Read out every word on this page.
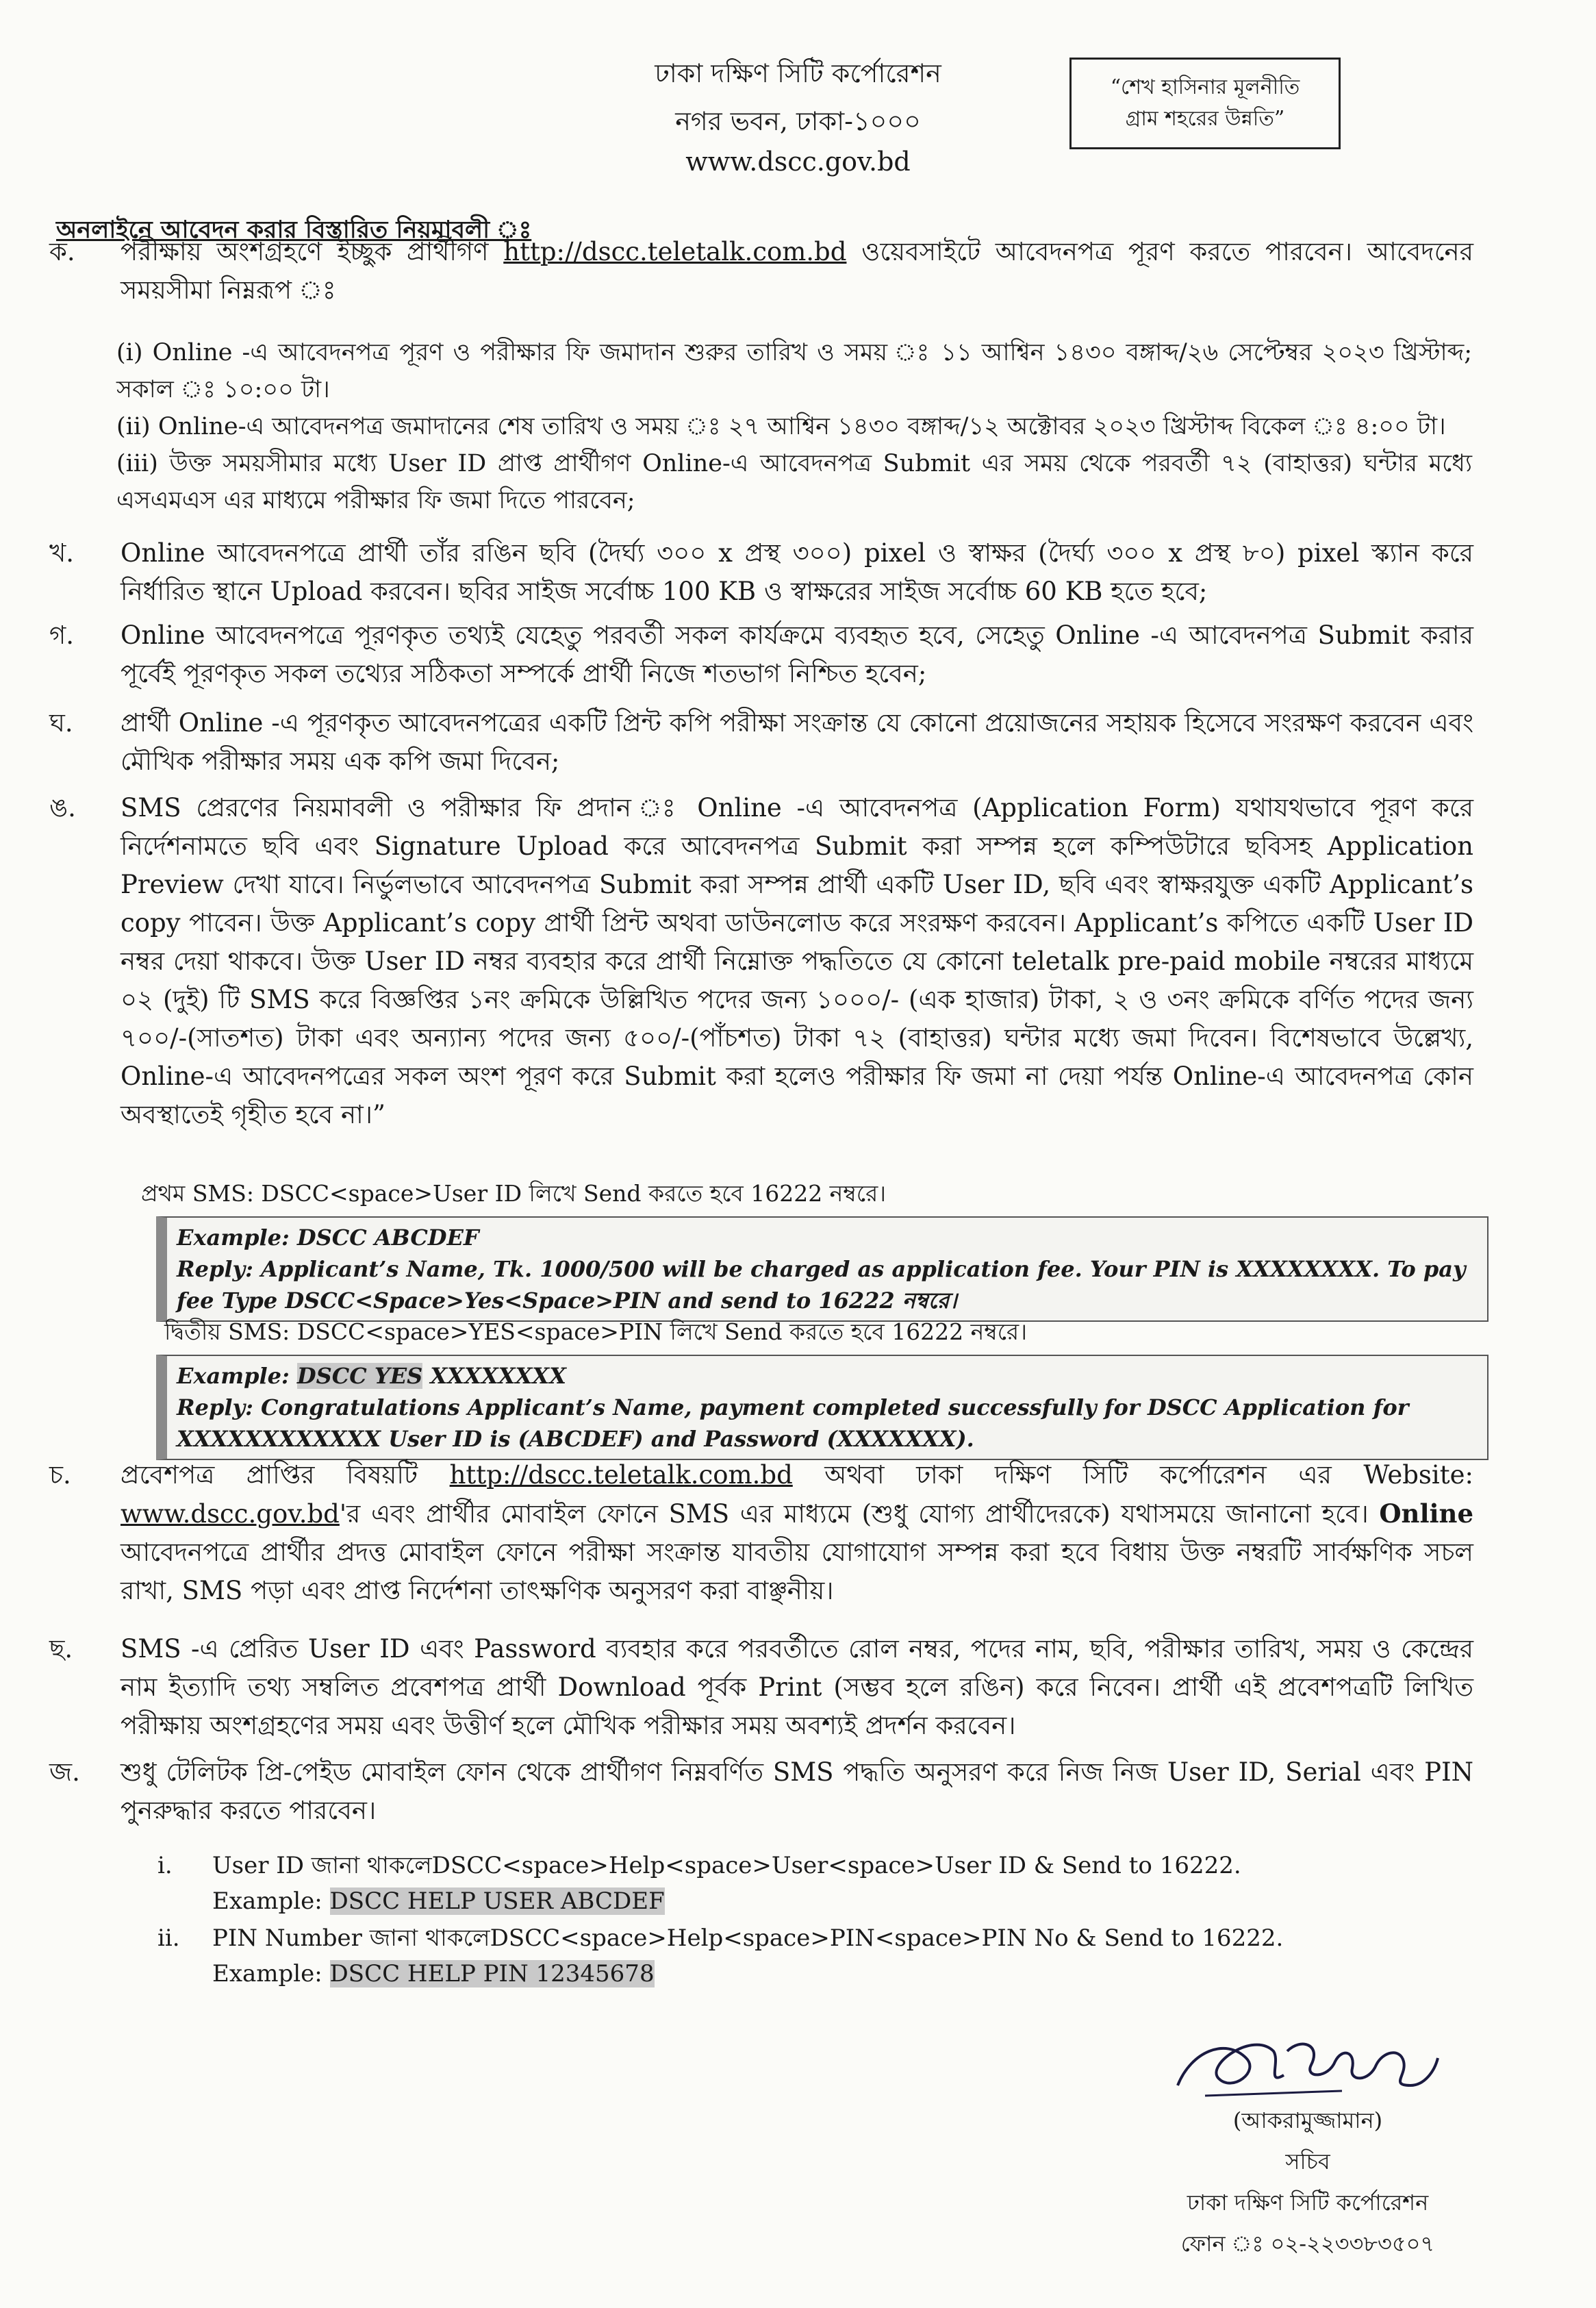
ঢাকা দক্ষিণ সিটি কর্পোরেশন
নগর ভবন, ঢাকা-১০০০
www.dscc.gov.bd
“শেখ হাসিনার মূলনীতি
গ্রাম শহরের উন্নতি”
অনলাইনে আবেদন করার বিস্তারিত নিয়মাবলী ঃ
ক.	পরীক্ষায় অংশগ্রহণে ইচ্ছুক প্রার্থীগণ http://dscc.teletalk.com.bd ওয়েবসাইটে আবেদনপত্র পূরণ করতে পারবেন। আবেদনের সময়সীমা নিম্নরূপ ঃ
(i) Online -এ আবেদনপত্র পূরণ ও পরীক্ষার ফি জমাদান শুরুর তারিখ ও সময় ঃ ১১ আশ্বিন ১৪৩০ বঙ্গাব্দ/২৬ সেপ্টেম্বর ২০২৩ খ্রিস্টাব্দ; সকাল ঃ ১০:০০ টা।
(ii) Online-এ আবেদনপত্র জমাদানের শেষ তারিখ ও সময় ঃ ২৭ আশ্বিন ১৪৩০ বঙ্গাব্দ/১২ অক্টোবর ২০২৩ খ্রিস্টাব্দ বিকেল ঃ ৪:০০ টা।
(iii) উক্ত সময়সীমার মধ্যে User ID প্রাপ্ত প্রার্থীগণ Online-এ আবেদনপত্র Submit এর সময় থেকে পরবর্তী ৭২ (বাহাত্তর) ঘন্টার মধ্যে এসএমএস এর মাধ্যমে পরীক্ষার ফি জমা দিতে পারবেন;
খ.	Online আবেদনপত্রে প্রার্থী তাঁর রঙিন ছবি (দৈর্ঘ্য ৩০০ x প্রস্থ ৩০০) pixel ও স্বাক্ষর (দৈর্ঘ্য ৩০০ x প্রস্থ ৮০) pixel স্ক্যান করে নির্ধারিত স্থানে Upload করবেন। ছবির সাইজ সর্বোচ্চ 100 KB ও স্বাক্ষরের সাইজ সর্বোচ্চ 60 KB হতে হবে;
গ.	Online আবেদনপত্রে পূরণকৃত তথ্যই যেহেতু পরবর্তী সকল কার্যক্রমে ব্যবহৃত হবে, সেহেতু Online -এ আবেদনপত্র Submit করার পূর্বেই পূরণকৃত সকল তথ্যের সঠিকতা সম্পর্কে প্রার্থী নিজে শতভাগ নিশ্চিত হবেন;
ঘ.	প্রার্থী Online -এ পূরণকৃত আবেদনপত্রের একটি প্রিন্ট কপি পরীক্ষা সংক্রান্ত যে কোনো প্রয়োজনের সহায়ক হিসেবে সংরক্ষণ করবেন এবং মৌখিক পরীক্ষার সময় এক কপি জমা দিবেন;
ঙ.	SMS প্রেরণের নিয়মাবলী ও পরীক্ষার ফি প্রদান ঃ Online -এ আবেদনপত্র (Application Form) যথাযথভাবে পূরণ করে নির্দেশনামতে ছবি এবং Signature Upload করে আবেদনপত্র Submit করা সম্পন্ন হলে কম্পিউটারে ছবিসহ Application Preview দেখা যাবে। নির্ভুলভাবে আবেদনপত্র Submit করা সম্পন্ন প্রার্থী একটি User ID, ছবি এবং স্বাক্ষরযুক্ত একটি Applicant’s copy পাবেন। উক্ত Applicant’s copy প্রার্থী প্রিন্ট অথবা ডাউনলোড করে সংরক্ষণ করবেন। Applicant’s কপিতে একটি User ID নম্বর দেয়া থাকবে। উক্ত User ID নম্বর ব্যবহার করে প্রার্থী নিম্নোক্ত পদ্ধতিতে যে কোনো teletalk pre-paid mobile নম্বরের মাধ্যমে ০২ (দুই) টি SMS করে বিজ্ঞপ্তির ১নং ক্রমিকে উল্লিখিত পদের জন্য ১০০০/- (এক হাজার) টাকা, ২ ও ৩নং ক্রমিকে বর্ণিত পদের জন্য ৭০০/-(সাতশত) টাকা এবং অন্যান্য পদের জন্য ৫০০/-(পাঁচশত) টাকা ৭২ (বাহাত্তর) ঘন্টার মধ্যে জমা দিবেন। বিশেষভাবে উল্লেখ্য, Online-এ আবেদনপত্রের সকল অংশ পূরণ করে Submit করা হলেও পরীক্ষার ফি জমা না দেয়া পর্যন্ত Online-এ আবেদনপত্র কোন অবস্থাতেই গৃহীত হবে না।”
প্রথম SMS: DSCC<space>User ID লিখে Send করতে হবে 16222 নম্বরে।
Example: DSCC ABCDEF
Reply: Applicant’s Name, Tk. 1000/500 will be charged as application fee. Your PIN is XXXXXXXX. To pay fee Type DSCC<Space>Yes<Space>PIN and send to 16222 নম্বরে।
দ্বিতীয় SMS: DSCC<space>YES<space>PIN লিখে Send করতে হবে 16222 নম্বরে।
Example: DSCC YES XXXXXXXX
Reply: Congratulations Applicant’s Name, payment completed successfully for DSCC Application for XXXXXXXXXXXX User ID is (ABCDEF) and Password (XXXXXXX).
চ.	প্রবেশপত্র প্রাপ্তির বিষয়টি http://dscc.teletalk.com.bd অথবা ঢাকা দক্ষিণ সিটি কর্পোরেশন এর Website: www.dscc.gov.bd'র এবং প্রার্থীর মোবাইল ফোনে SMS এর মাধ্যমে (শুধু যোগ্য প্রার্থীদেরকে) যথাসময়ে জানানো হবে। Online আবেদনপত্রে প্রার্থীর প্রদত্ত মোবাইল ফোনে পরীক্ষা সংক্রান্ত যাবতীয় যোগাযোগ সম্পন্ন করা হবে বিধায় উক্ত নম্বরটি সার্বক্ষণিক সচল রাখা, SMS পড়া এবং প্রাপ্ত নির্দেশনা তাৎক্ষণিক অনুসরণ করা বাঞ্ছনীয়।
ছ.	SMS -এ প্রেরিত User ID এবং Password ব্যবহার করে পরবর্তীতে রোল নম্বর, পদের নাম, ছবি, পরীক্ষার তারিখ, সময় ও কেন্দ্রের নাম ইত্যাদি তথ্য সম্বলিত প্রবেশপত্র প্রার্থী Download পূর্বক Print (সম্ভব হলে রঙিন) করে নিবেন। প্রার্থী এই প্রবেশপত্রটি লিখিত পরীক্ষায় অংশগ্রহণের সময় এবং উত্তীর্ণ হলে মৌখিক পরীক্ষার সময় অবশ্যই প্রদর্শন করবেন।
জ.	শুধু টেলিটক প্রি-পেইড মোবাইল ফোন থেকে প্রার্থীগণ নিম্নবর্ণিত SMS পদ্ধতি অনুসরণ করে নিজ নিজ User ID, Serial এবং PIN পুনরুদ্ধার করতে পারবেন।
i. User ID জানা থাকলেDSCC<space>Help<space>User<space>User ID & Send to 16222.
Example: DSCC HELP USER ABCDEF
ii. PIN Number জানা থাকলেDSCC<space>Help<space>PIN<space>PIN No & Send to 16222.
Example: DSCC HELP PIN 12345678
(আকরামুজ্জামান)
সচিব
ঢাকা দক্ষিণ সিটি কর্পোরেশন
ফোন ঃ ০২-২২৩৩৮৩৫০৭
